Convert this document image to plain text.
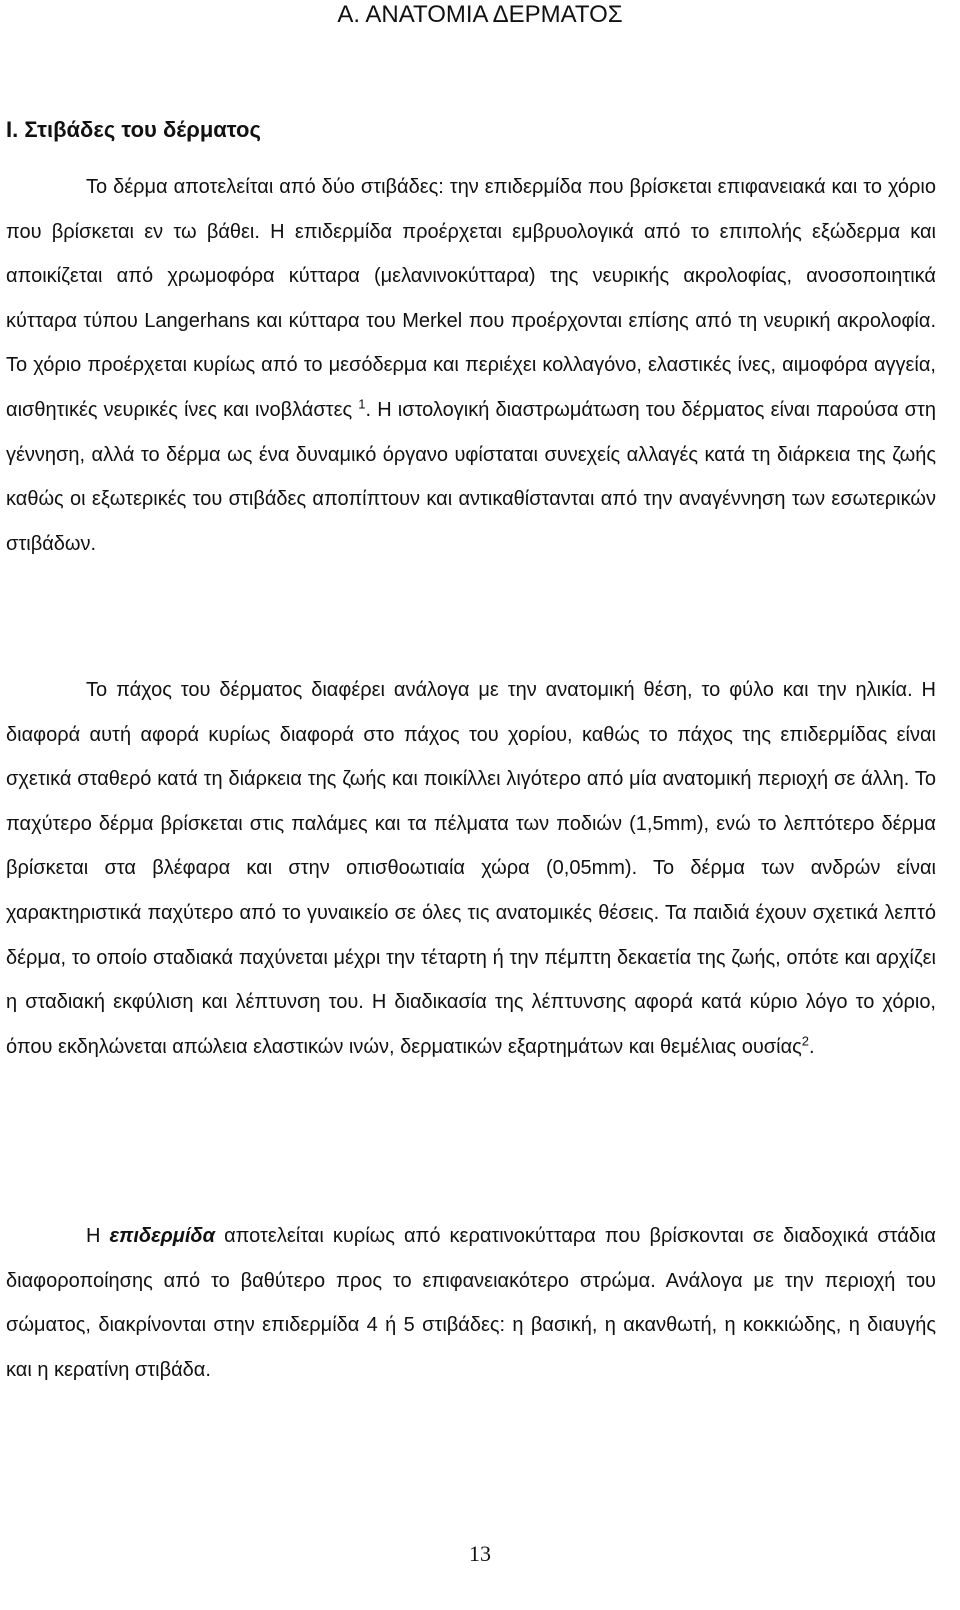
Α. ΑΝΑΤΟΜΙΑ ΔΕΡΜΑΤΟΣ
Ι. Στιβάδες του δέρματος

Το δέρμα αποτελείται από δύο στιβάδες: την επιδερμίδα που βρίσκεται επιφανειακά και το χόριο που βρίσκεται εν τω βάθει. Η επιδερμίδα προέρχεται εμβρυολογικά από το επιπολής εξώδερμα και αποικίζεται από χρωμοφόρα κύτταρα (μελανινοκύτταρα) της νευρικής ακρολοφίας, ανοσοποιητικά κύτταρα τύπου Langerhans και κύτταρα του Merkel που προέρχονται επίσης από τη νευρική ακρολοφία. Το χόριο προέρχεται κυρίως από το μεσόδερμα και περιέχει κολλαγόνο, ελαστικές ίνες, αιμοφόρα αγγεία, αισθητικές νευρικές ίνες και ινοβλάστες $^1$. Η ιστολογική διαστρωμάτωση του δέρματος είναι παρούσα στη γέννηση, αλλά το δέρμα ως ένα δυναμικό όργανο υφίσταται συνεχείς αλλαγές κατά τη διάρκεια της ζωής καθώς οι εξωτερικές του στιβάδες αποπίπτουν και αντικαθίστανται από την αναγέννηση των εσωτερικών στιβάδων.

Το πάχος του δέρματος διαφέρει ανάλογα με την ανατομική θέση, το φύλο και την ηλικία. Η διαφορά αυτή αφορά κυρίως διαφορά στο πάχος του χορίου, καθώς το πάχος της επιδερμίδας είναι σχετικά σταθερό κατά τη διάρκεια της ζωής και ποικίλλει λιγότερο από μία ανατομική περιοχή σε άλλη. Το παχύτερο δέρμα βρίσκεται στις παλάμες και τα πέλματα των ποδιών (1,5mm), ενώ το λεπτότερο δέρμα βρίσκεται στα βλέφαρα και στην οπισθοωτιαία χώρα (0,05mm). Το δέρμα των ανδρών είναι χαρακτηριστικά παχύτερο από το γυναικείο σε όλες τις ανατομικές θέσεις. Τα παιδιά έχουν σχετικά λεπτό δέρμα, το οποίο σταδιακά παχύνεται μέχρι την τέταρτη ή την πέμπτη δεκαετία της ζωής, οπότε και αρχίζει η σταδιακή εκφύλιση και λέπτυνση του. Η διαδικασία της λέπτυνσης αφορά κατά κύριο λόγο το χόριο, όπου εκδηλώνεται απώλεια ελαστικών ινών, δερματικών εξαρτημάτων και θεμέλιας ουσίας$^2$.

Η επιδερμίδα αποτελείται κυρίως από κερατινοκύτταρα που βρίσκονται σε διαδοχικά στάδια διαφοροποίησης από το βαθύτερο προς το επιφανειακότερο στρώμα. Ανάλογα με την περιοχή του σώματος, διακρίνονται στην επιδερμίδα 4 ή 5 στιβάδες: η βασική, η ακανθωτή, η κοκκιώδης, η διαυγής και η κερατίνη στιβάδα.

13
